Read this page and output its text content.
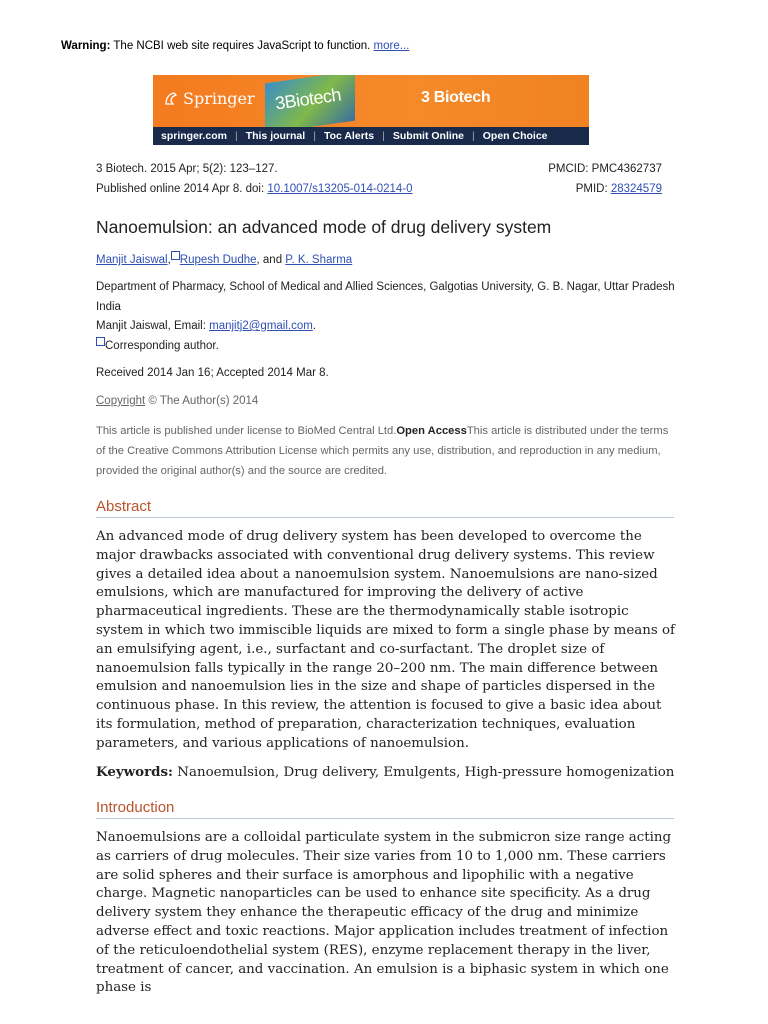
Warning: The NCBI web site requires JavaScript to function. more...
Springer 3Biotech	3 Biotech
springer.com | This journal | Toc Alerts | Submit Online | Open Choice
3 Biotech. 2015 Apr; 5(2): 123–127.
Published online 2014 Apr 8. doi: 10.1007/s13205-014-0214-0
PMCID: PMC4362737
PMID: 28324579
Nanoemulsion: an advanced mode of drug delivery system
Manjit Jaiswal, Rupesh Dudhe, and P. K. Sharma
Department of Pharmacy, School of Medical and Allied Sciences, Galgotias University, G. B. Nagar, Uttar Pradesh India
Manjit Jaiswal, Email: manjitj2@gmail.com.
Corresponding author.
Received 2014 Jan 16; Accepted 2014 Mar 8.
Copyright © The Author(s) 2014
This article is published under license to BioMed Central Ltd.Open AccessThis article is distributed under the terms of the Creative Commons Attribution License which permits any use, distribution, and reproduction in any medium, provided the original author(s) and the source are credited.
Abstract

An advanced mode of drug delivery system has been developed to overcome the major drawbacks associated with conventional drug delivery systems. This review gives a detailed idea about a nanoemulsion system. Nanoemulsions are nano-sized emulsions, which are manufactured for improving the delivery of active pharmaceutical ingredients. These are the thermodynamically stable isotropic system in which two immiscible liquids are mixed to form a single phase by means of an emulsifying agent, i.e., surfactant and co-surfactant. The droplet size of nanoemulsion falls typically in the range 20–200 nm. The main difference between emulsion and nanoemulsion lies in the size and shape of particles dispersed in the continuous phase. In this review, the attention is focused to give a basic idea about its formulation, method of preparation, characterization techniques, evaluation parameters, and various applications of nanoemulsion.

Keywords: Nanoemulsion, Drug delivery, Emulgents, High-pressure homogenization

Introduction

Nanoemulsions are a colloidal particulate system in the submicron size range acting as carriers of drug molecules. Their size varies from 10 to 1,000 nm. These carriers are solid spheres and their surface is amorphous and lipophilic with a negative charge. Magnetic nanoparticles can be used to enhance site specificity. As a drug delivery system they enhance the therapeutic efficacy of the drug and minimize adverse effect and toxic reactions. Major application includes treatment of infection of the reticuloendothelial system (RES), enzyme replacement therapy in the liver, treatment of cancer, and vaccination. An emulsion is a biphasic system in which one phase is
